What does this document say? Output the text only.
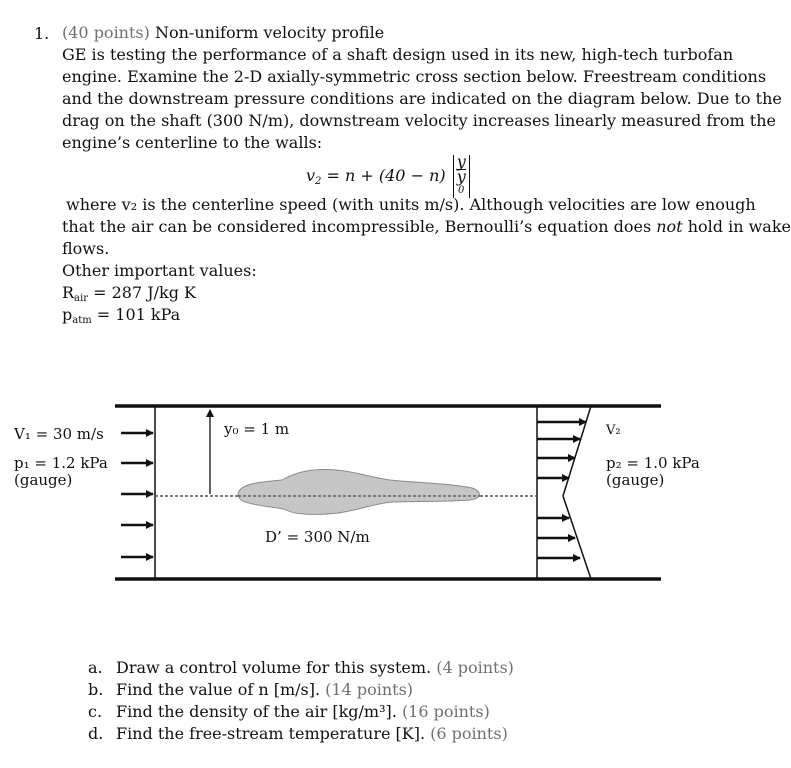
1. (40 points) Non-uniform velocity profile
GE is testing the performance of a shaft design used in its new, high-tech turbofan
engine. Examine the 2-D axially-symmetric cross section below. Freestream conditions
and the downstream pressure conditions are indicated on the diagram below. Due to the
drag on the shaft (300 N/m), downstream velocity increases linearly measured from the
engine’s centerline to the walls:
$v_2 = n + (40 - n)$ y
y
0
where v₂ is the centerline speed (with units m/s). Although velocities are low enough
that the air can be considered incompressible, Bernoulli’s equation does not hold in wake
flows.
Other important values:
$R_{air} = 287$ J/kg K
$p_{atm} = 101$ kPa
V₁ = 30 m/s
p₁ = 1.2 kPa
(gauge)
y₀ = 1 m
D’ = 300 N/m
V₂
p₂ = 1.0 kPa
(gauge)
a. Draw a control volume for this system. (4 points)
b. Find the value of n [m/s]. (14 points)
c. Find the density of the air [kg/m³]. (16 points)
d. Find the free-stream temperature [K]. (6 points)
